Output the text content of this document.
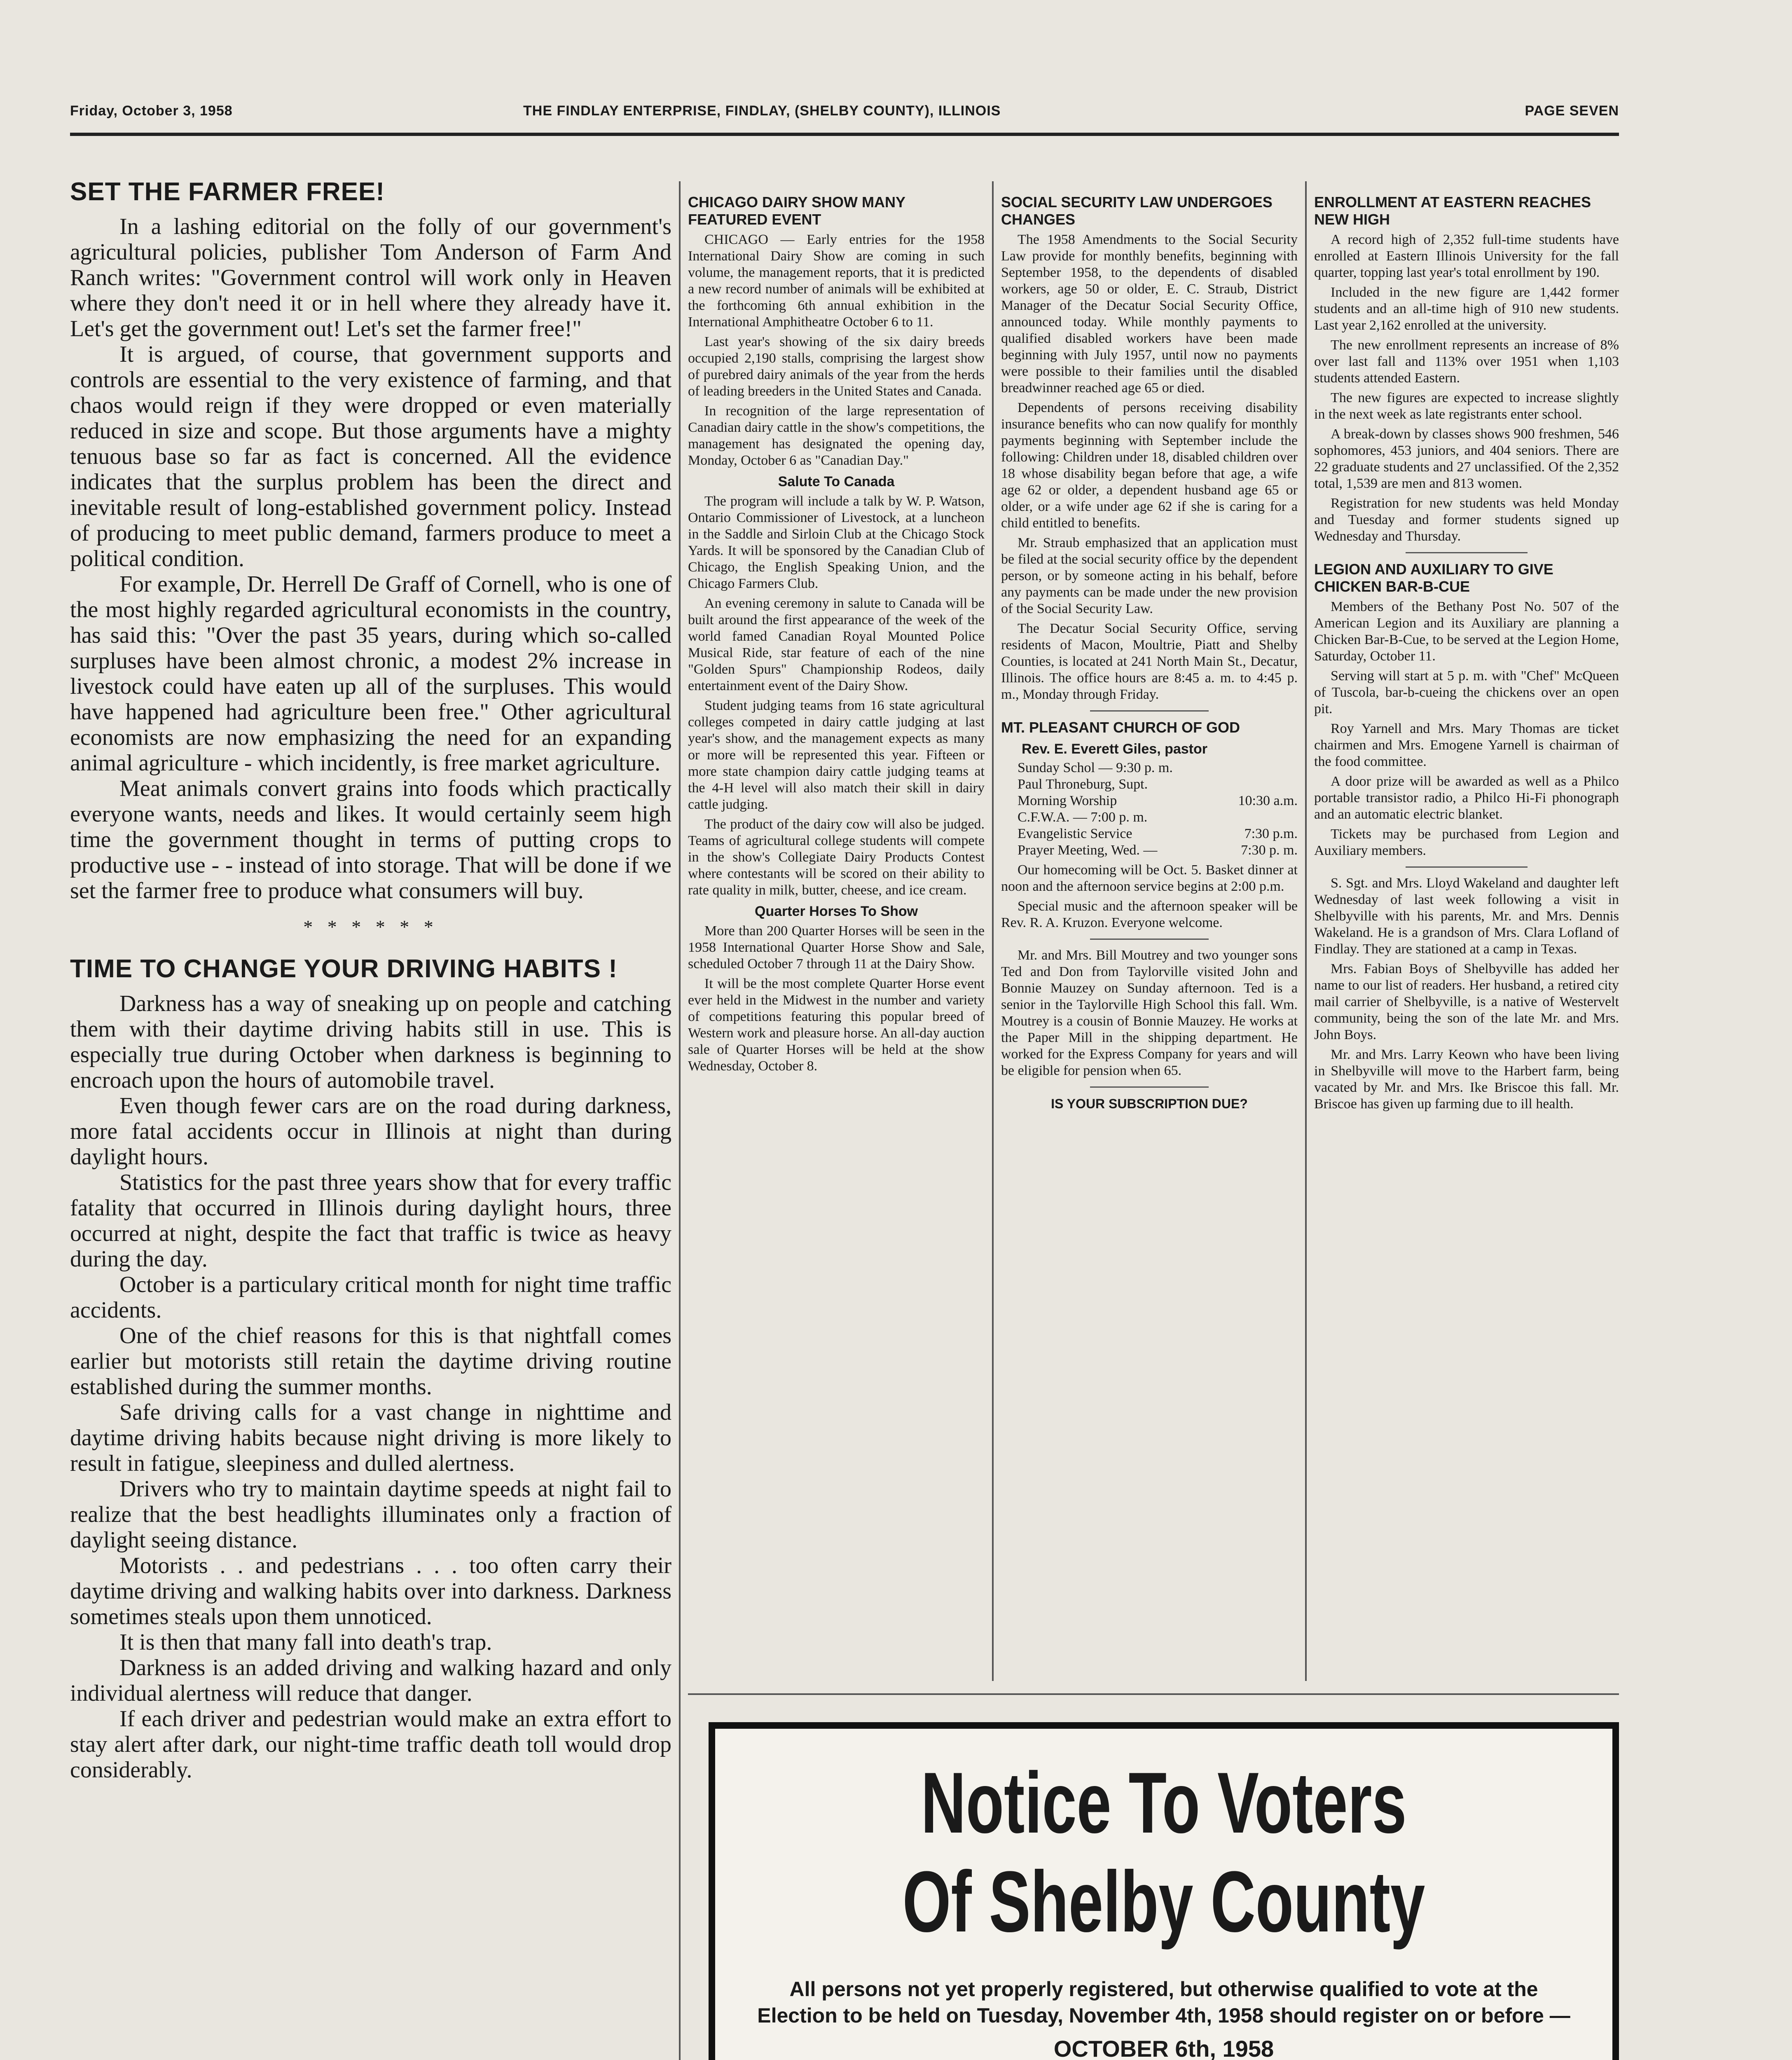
Friday, October 3, 1958	THE FINDLAY ENTERPRISE, FINDLAY, (SHELBY COUNTY), ILLINOIS	PAGE SEVEN
SET THE FARMER FREE!

In a lashing editorial on the folly of our government's agricultural policies, publisher Tom Anderson of Farm And Ranch writes: "Government control will work only in Heaven where they don't need it or in hell where they already have it. Let's get the government out! Let's set the farmer free!"

It is argued, of course, that government supports and controls are essential to the very existence of farming, and that chaos would reign if they were dropped or even materially reduced in size and scope. But those arguments have a mighty tenuous base so far as fact is concerned. All the evidence indicates that the surplus problem has been the direct and inevitable result of long-established government policy. Instead of producing to meet public demand, farmers produce to meet a political condition.

For example, Dr. Herrell De Graff of Cornell, who is one of the most highly regarded agricultural economists in the country, has said this: "Over the past 35 years, during which so-called surpluses have been almost chronic, a modest 2% increase in livestock could have eaten up all of the surpluses. This would have happened had agriculture been free." Other agricultural economists are now emphasizing the need for an expanding animal agriculture - which incidently, is free market agriculture.

Meat animals convert grains into foods which practically everyone wants, needs and likes. It would certainly seem high time the government thought in terms of putting crops to productive use - - instead of into storage. That will be done if we set the farmer free to produce what consumers will buy.

* * * * * *
TIME TO CHANGE YOUR DRIVING HABITS !

Darkness has a way of sneaking up on people and catching them with their daytime driving habits still in use. This is especially true during October when darkness is beginning to encroach upon the hours of automobile travel.

Even though fewer cars are on the road during darkness, more fatal accidents occur in Illinois at night than during daylight hours.

Statistics for the past three years show that for every traffic fatality that occurred in Illinois during daylight hours, three occurred at night, despite the fact that traffic is twice as heavy during the day.

October is a particulary critical month for night time traffic accidents.

One of the chief reasons for this is that nightfall comes earlier but motorists still retain the daytime driving routine established during the summer months.

Safe driving calls for a vast change in nighttime and daytime driving habits because night driving is more likely to result in fatigue, sleepiness and dulled alertness.

Drivers who try to maintain daytime speeds at night fail to realize that the best headlights illuminates only a fraction of daylight seeing distance.

Motorists . . and pedestrians . . . too often carry their daytime driving and walking habits over into darkness. Darkness sometimes steals upon them unnoticed.

It is then that many fall into death's trap.

Darkness is an added driving and walking hazard and only individual alertness will reduce that danger.

If each driver and pedestrian would make an extra effort to stay alert after dark, our night-time traffic death toll would drop considerably.

CHICAGO DAIRY SHOW MANY FEATURED EVENT

CHICAGO — Early entries for the 1958 International Dairy Show are coming in such volume, the management reports, that it is predicted a new record number of animals will be exhibited at the forthcoming 6th annual exhibition in the International Amphitheatre October 6 to 11.

Last year's showing of the six dairy breeds occupied 2,190 stalls, comprising the largest show of purebred dairy animals of the year from the herds of leading breeders in the United States and Canada.

In recognition of the large representation of Canadian dairy cattle in the show's competitions, the management has designated the opening day, Monday, October 6 as "Canadian Day."

Salute To Canada

The program will include a talk by W. P. Watson, Ontario Commissioner of Livestock, at a luncheon in the Saddle and Sirloin Club at the Chicago Stock Yards. It will be sponsored by the Canadian Club of Chicago, the English Speaking Union, and the Chicago Farmers Club.

An evening ceremony in salute to Canada will be built around the first appearance of the week of the world famed Canadian Royal Mounted Police Musical Ride, star feature of each of the nine "Golden Spurs" Championship Rodeos, daily entertainment event of the Dairy Show.

Student judging teams from 16 state agricultural colleges competed in dairy cattle judging at last year's show, and the management expects as many or more will be represented this year. Fifteen or more state champion dairy cattle judging teams at the 4-H level will also match their skill in dairy cattle judging.

The product of the dairy cow will also be judged. Teams of agricultural college students will compete in the show's Collegiate Dairy Products Contest where contestants will be scored on their ability to rate quality in milk, butter, cheese, and ice cream.

Quarter Horses To Show

More than 200 Quarter Horses will be seen in the 1958 International Quarter Horse Show and Sale, scheduled October 7 through 11 at the Dairy Show.

It will be the most complete Quarter Horse event ever held in the Midwest in the number and variety of competitions featuring this popular breed of Western work and pleasure horse. An all-day auction sale of Quarter Horses will be held at the show Wednesday, October 8.

SOCIAL SECURITY LAW UNDERGOES CHANGES

The 1958 Amendments to the Social Security Law provide for monthly benefits, beginning with September 1958, to the dependents of disabled workers, age 50 or older, E. C. Straub, District Manager of the Decatur Social Security Office, announced today. While monthly payments to qualified disabled workers have been made beginning with July 1957, until now no payments were possible to their families until the disabled breadwinner reached age 65 or died.

Dependents of persons receiving disability insurance benefits who can now qualify for monthly payments beginning with September include the following: Children under 18, disabled children over 18 whose disability began before that age, a wife age 62 or older, a dependent husband age 65 or older, or a wife under age 62 if she is caring for a child entitled to benefits.

Mr. Straub emphasized that an application must be filed at the social security office by the dependent person, or by someone acting in his behalf, before any payments can be made under the new provision of the Social Security Law.

The Decatur Social Security Office, serving residents of Macon, Moultrie, Piatt and Shelby Counties, is located at 241 North Main St., Decatur, Illinois. The office hours are 8:45 a. m. to 4:45 p. m., Monday through Friday.

MT. PLEASANT CHURCH OF GOD
Rev. E. Everett Giles, pastor
Sunday Schol — 9:30 p. m.
Paul Throneburg, Supt.
Morning Worship	10:30 a.m.
C.F.W.A. — 7:00 p. m.
Evangelistic Service	7:30 p.m.
Prayer Meeting, Wed. —	7:30 p. m.

Our homecoming will be Oct. 5. Basket dinner at noon and the afternoon service begins at 2:00 p.m.

Special music and the afternoon speaker will be Rev. R. A. Kruzon. Everyone welcome.

Mr. and Mrs. Bill Moutrey and two younger sons Ted and Don from Taylorville visited John and Bonnie Mauzey on Sunday afternoon. Ted is a senior in the Taylorville High School this fall. Wm. Moutrey is a cousin of Bonnie Mauzey. He works at the Paper Mill in the shipping department. He worked for the Express Company for years and will be eligible for pension when 65.

IS YOUR SUBSCRIPTION DUE?
ENROLLMENT AT EASTERN REACHES NEW HIGH

A record high of 2,352 full-time students have enrolled at Eastern Illinois University for the fall quarter, topping last year's total enrollment by 190.

Included in the new figure are 1,442 former students and an all-time high of 910 new students. Last year 2,162 enrolled at the university.

The new enrollment represents an increase of 8% over last fall and 113% over 1951 when 1,103 students attended Eastern.

The new figures are expected to increase slightly in the next week as late registrants enter school.

A break-down by classes shows 900 freshmen, 546 sophomores, 453 juniors, and 404 seniors. There are 22 graduate students and 27 unclassified. Of the 2,352 total, 1,539 are men and 813 women.

Registration for new students was held Monday and Tuesday and former students signed up Wednesday and Thursday.

LEGION AND AUXILIARY TO GIVE CHICKEN BAR-B-CUE

Members of the Bethany Post No. 507 of the American Legion and its Auxiliary are planning a Chicken Bar-B-Cue, to be served at the Legion Home, Saturday, October 11.

Serving will start at 5 p. m. with "Chef" McQueen of Tuscola, bar-b-cueing the chickens over an open pit.

Roy Yarnell and Mrs. Mary Thomas are ticket chairmen and Mrs. Emogene Yarnell is chairman of the food committee.

A door prize will be awarded as well as a Philco portable transistor radio, a Philco Hi-Fi phonograph and an automatic electric blanket.

Tickets may be purchased from Legion and Auxiliary members.

S. Sgt. and Mrs. Lloyd Wakeland and daughter left Wednesday of last week following a visit in Shelbyville with his parents, Mr. and Mrs. Dennis Wakeland. He is a grandson of Mrs. Clara Lofland of Findlay. They are stationed at a camp in Texas.

Mrs. Fabian Boys of Shelbyville has added her name to our list of readers. Her husband, a retired city mail carrier of Shelbyville, is a native of Westervelt community, being the son of the late Mr. and Mrs. John Boys.

Mr. and Mrs. Larry Keown who have been living in Shelbyville will move to the Harbert farm, being vacated by Mr. and Mrs. Ike Briscoe this fall. Mr. Briscoe has given up farming due to ill health.

Notice To Voters
Of Shelby County

All persons not yet properly registered, but otherwise qualified to vote at the Election to be held on Tuesday, November 4th, 1958 should register on or before —

OCTOBER 6th, 1958
